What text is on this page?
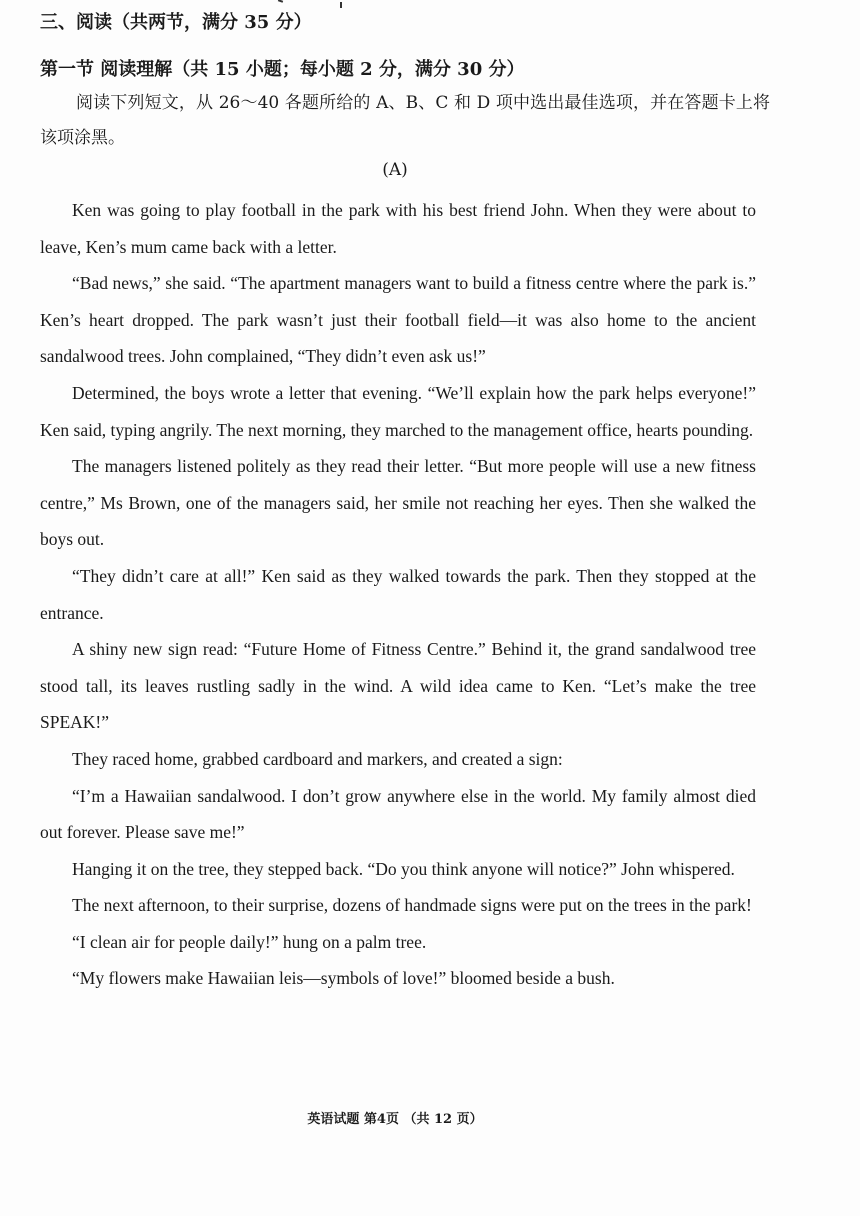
三、阅读（共两节，满分 35 分）
第一节 阅读理解（共 15 小题；每小题 2 分，满分 30 分）
阅读下列短文，从 26～40 各题所给的 A、B、C 和 D 项中选出最佳选项，并在答题卡上将该项涂黑。
(A)

Ken was going to play football in the park with his best friend John. When they were about to leave, Ken’s mum came back with a letter.

“Bad news,” she said. “The apartment managers want to build a fitness centre where the park is.” Ken’s heart dropped. The park wasn’t just their football field—it was also home to the ancient sandalwood trees. John complained, “They didn’t even ask us!”

Determined, the boys wrote a letter that evening. “We’ll explain how the park helps everyone!” Ken said, typing angrily. The next morning, they marched to the management office, hearts pounding.

The managers listened politely as they read their letter. “But more people will use a new fitness centre,” Ms Brown, one of the managers said, her smile not reaching her eyes. Then she walked the boys out.

“They didn’t care at all!” Ken said as they walked towards the park. Then they stopped at the entrance.

A shiny new sign read: “Future Home of Fitness Centre.” Behind it, the grand sandalwood tree stood tall, its leaves rustling sadly in the wind. A wild idea came to Ken. “Let’s make the tree SPEAK!”

They raced home, grabbed cardboard and markers, and created a sign:

“I’m a Hawaiian sandalwood. I don’t grow anywhere else in the world. My family almost died out forever. Please save me!”

Hanging it on the tree, they stepped back. “Do you think anyone will notice?” John whispered.

The next afternoon, to their surprise, dozens of handmade signs were put on the trees in the park!

“I clean air for people daily!” hung on a palm tree.

“My flowers make Hawaiian leis—symbols of love!” bloomed beside a bush.

英语试题 第4页 （共 12 页）
